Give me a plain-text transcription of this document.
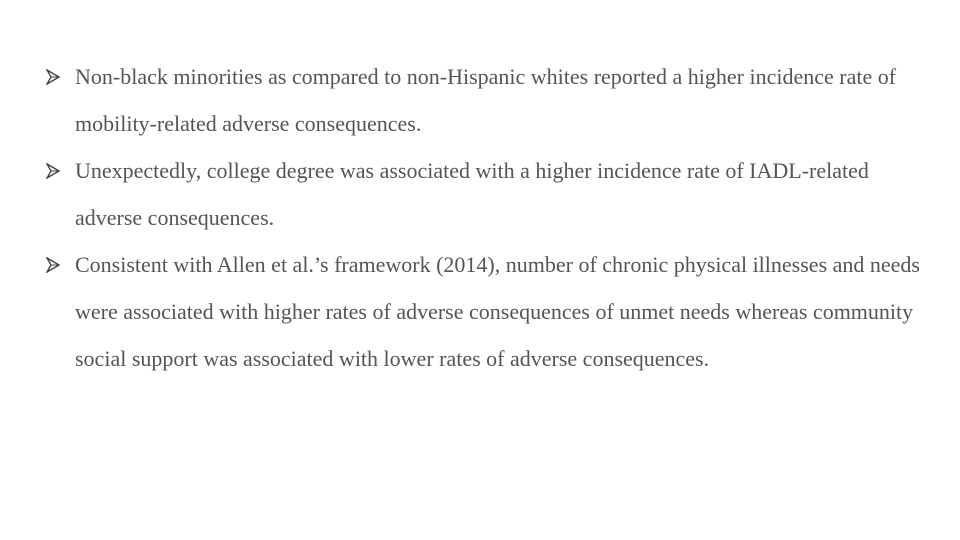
Non-black minorities as compared to non-Hispanic whites reported a higher incidence rate of mobility-related adverse consequences.
Unexpectedly, college degree was associated with a higher incidence rate of IADL-related adverse consequences.
Consistent with Allen et al.’s framework (2014), number of chronic physical illnesses and needs were associated with higher rates of adverse consequences of unmet needs whereas community social support was associated with lower rates of adverse consequences.
